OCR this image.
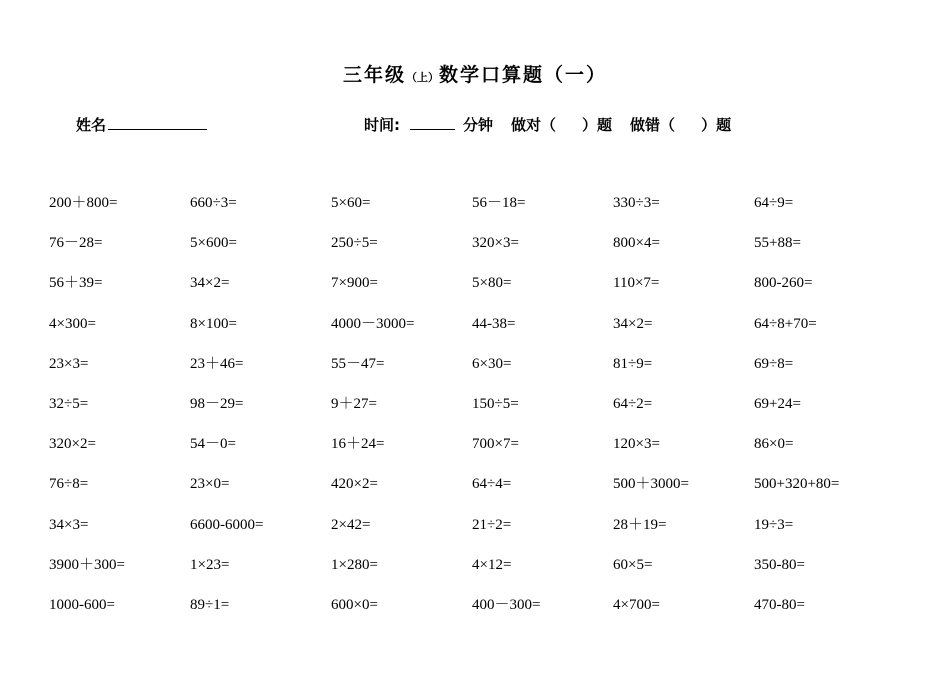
三年级（上）数学口算题（一）
姓名	时间:	分钟 做对（ ）题 做错（ ）题
200＋800=	660÷3=	5×60=	56－18=	330÷3=	64÷9=
76－28=	5×600=	250÷5=	320×3=	800×4=	55+88=
56＋39=	34×2=	7×900=	5×80=	110×7=	800-260=
4×300=	8×100=	4000－3000=	44-38=	34×2=	64÷8+70=
23×3=	23＋46=	55－47=	6×30=	81÷9=	69÷8=
32÷5=	98－29=	9＋27=	150÷5=	64÷2=	69+24=
320×2=	54－0=	16＋24=	700×7=	120×3=	86×0=
76÷8=	23×0=	420×2=	64÷4=	500＋3000=	500+320+80=
34×3=	6600-6000=	2×42=	21÷2=	28＋19=	19÷3=
3900＋300=	1×23=	1×280=	4×12=	60×5=	350-80=
1000-600=	89÷1=	600×0=	400－300=	4×700=	470-80=
